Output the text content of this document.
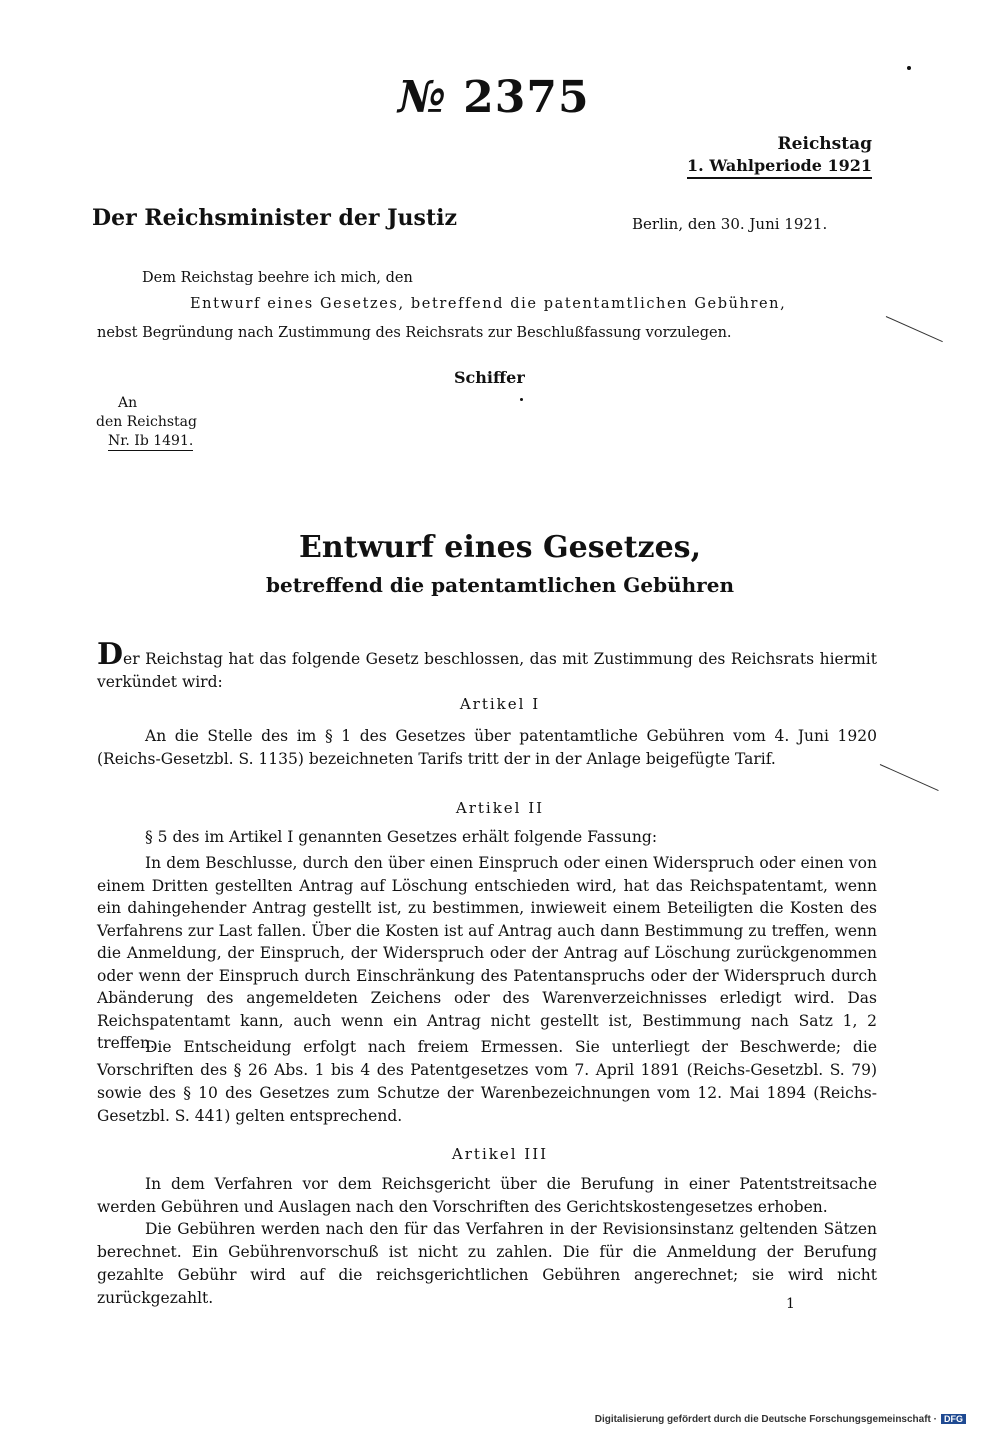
№ 2375
Reichstag
1. Wahlperiode 1921
Der Reichsminister der Justiz	Berlin, den 30. Juni 1921.
Dem Reichstag beehre ich mich, den
Entwurf eines Gesetzes, betreffend die patentamtlichen Gebühren,
nebst Begründung nach Zustimmung des Reichsrats zur Beschlußfassung vorzulegen.
Schiffer
An
den Reichstag
Nr. Ib 1491.
Entwurf eines Gesetzes,
betreffend die patentamtlichen Gebühren
Der Reichstag hat das folgende Gesetz beschlossen, das mit Zustimmung des Reichsrats hiermit verkündet wird:
Artikel I
An die Stelle des im § 1 des Gesetzes über patentamtliche Gebühren vom 4. Juni 1920 (Reichs-Gesetzbl. S. 1135) bezeichneten Tarifs tritt der in der Anlage beigefügte Tarif.
Artikel II
§ 5 des im Artikel I genannten Gesetzes erhält folgende Fassung:
In dem Beschlusse, durch den über einen Einspruch oder einen Widerspruch oder einen von einem Dritten gestellten Antrag auf Löschung entschieden wird, hat das Reichspatentamt, wenn ein dahingehender Antrag gestellt ist, zu bestimmen, inwieweit einem Beteiligten die Kosten des Verfahrens zur Last fallen. Über die Kosten ist auf Antrag auch dann Bestimmung zu treffen, wenn die Anmeldung, der Einspruch, der Widerspruch oder der Antrag auf Löschung zurückgenommen oder wenn der Einspruch durch Einschränkung des Patentanspruchs oder der Widerspruch durch Abänderung des angemeldeten Zeichens oder des Warenverzeichnisses erledigt wird. Das Reichspatentamt kann, auch wenn ein Antrag nicht gestellt ist, Bestimmung nach Satz 1, 2 treffen.
Die Entscheidung erfolgt nach freiem Ermessen. Sie unterliegt der Beschwerde; die Vorschriften des § 26 Abs. 1 bis 4 des Patentgesetzes vom 7. April 1891 (Reichs-Gesetzbl. S. 79) sowie des § 10 des Gesetzes zum Schutze der Warenbezeichnungen vom 12. Mai 1894 (Reichs-Gesetzbl. S. 441) gelten entsprechend.
Artikel III
In dem Verfahren vor dem Reichsgericht über die Berufung in einer Patentstreitsache werden Gebühren und Auslagen nach den Vorschriften des Gerichtskostengesetzes erhoben.
Die Gebühren werden nach den für das Verfahren in der Revisionsinstanz geltenden Sätzen berechnet. Ein Gebührenvorschuß ist nicht zu zahlen. Die für die Anmeldung der Berufung gezahlte Gebühr wird auf die reichsgerichtlichen Gebühren angerechnet; sie wird nicht zurückgezahlt.	1
Digitalisierung gefördert durch die Deutsche Forschungsgemeinschaft · DFG
